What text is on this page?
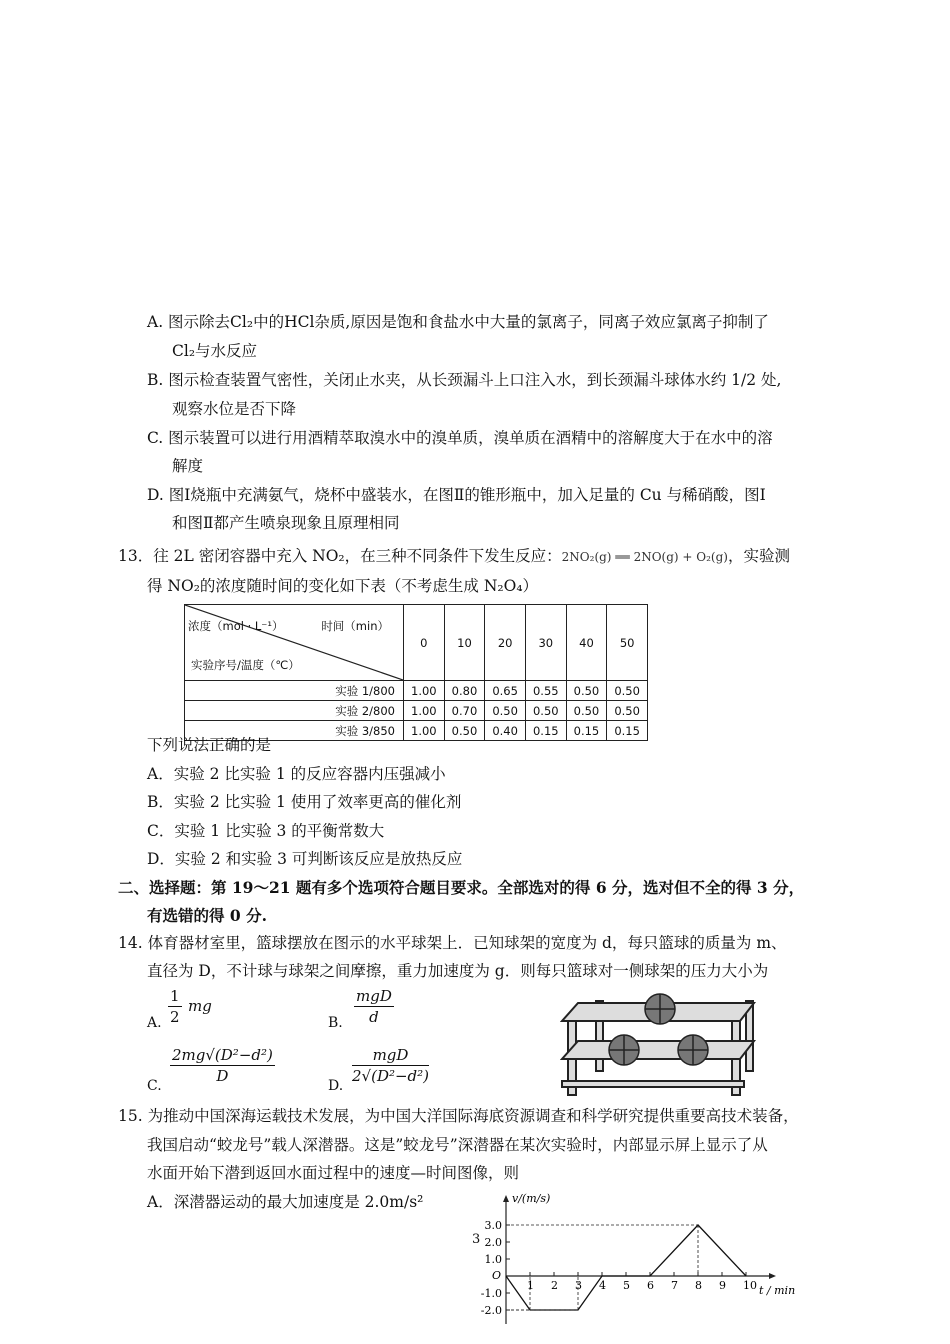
A. 图示除去Cl₂中的HCl杂质,原因是饱和食盐水中大量的氯离子，同离子效应氯离子抑制了
Cl₂与水反应
B. 图示检查装置气密性，关闭止水夹，从长颈漏斗上口注入水，到长颈漏斗球体水约 1/2 处,
观察水位是否下降
C. 图示装置可以进行用酒精萃取溴水中的溴单质，溴单质在酒精中的溶解度大于在水中的溶
解度
D. 图Ⅰ烧瓶中充满氨气，烧杯中盛装水，在图Ⅱ的锥形瓶中，加入足量的 Cu 与稀硝酸，图Ⅰ
和图Ⅱ都产生喷泉现象且原理相同
13．往 2L 密闭容器中充入 NO₂，在三种不同条件下发生反应：2NO₂(g) ══ 2NO(g) + O₂(g)，实验测
得 NO₂的浓度随时间的变化如下表（不考虑生成 N₂O₄）
浓度（mol · L⁻¹） 时间（min）
实验序号/温度（℃）	0	10	20	30	40	50
实验 1/800	1.00	0.80	0.65	0.55	0.50	0.50
实验 2/800	1.00	0.70	0.50	0.50	0.50	0.50
实验 3/850	1.00	0.50	0.40	0.15	0.15	0.15
下列说法正确的是
A．实验 2 比实验 1 的反应容器内压强减小
B．实验 2 比实验 1 使用了效率更高的催化剂
C．实验 1 比实验 3 的平衡常数大
D．实验 2 和实验 3 可判断该反应是放热反应
二、选择题：第 19～21 题有多个选项符合题目要求。全部选对的得 6 分，选对但不全的得 3 分，
有选错的得 0 分.
14. 体育器材室里，篮球摆放在图示的水平球架上．已知球架的宽度为 d，每只篮球的质量为 m、
直径为 D，不计球与球架之间摩擦，重力加速度为 g．则每只篮球对一侧球架的压力大小为
A. $\frac{1}{2}$ mg
B.
mgD
d
C.
$\frac{\text{2mg√(D²−d²)}}{D}$
D.
mgD
2√(D²−d²)
15. 为推动中国深海运载技术发展，为中国大洋国际海底资源调查和科学研究提供重要高技术装备，
我国启动“蛟龙号”载人深潜器。这是”蛟龙号”深潜器在某次实验时，内部显示屏上显示了从
水面开始下潜到返回水面过程中的速度—时间图像，则
A．深潜器运动的最大加速度是 2.0m/s²
3
v/(m/s)
t / min
1 2 3 4 5 6 7 8 9 10
3.0
2.0
1.0
O
-1.0
-2.0
